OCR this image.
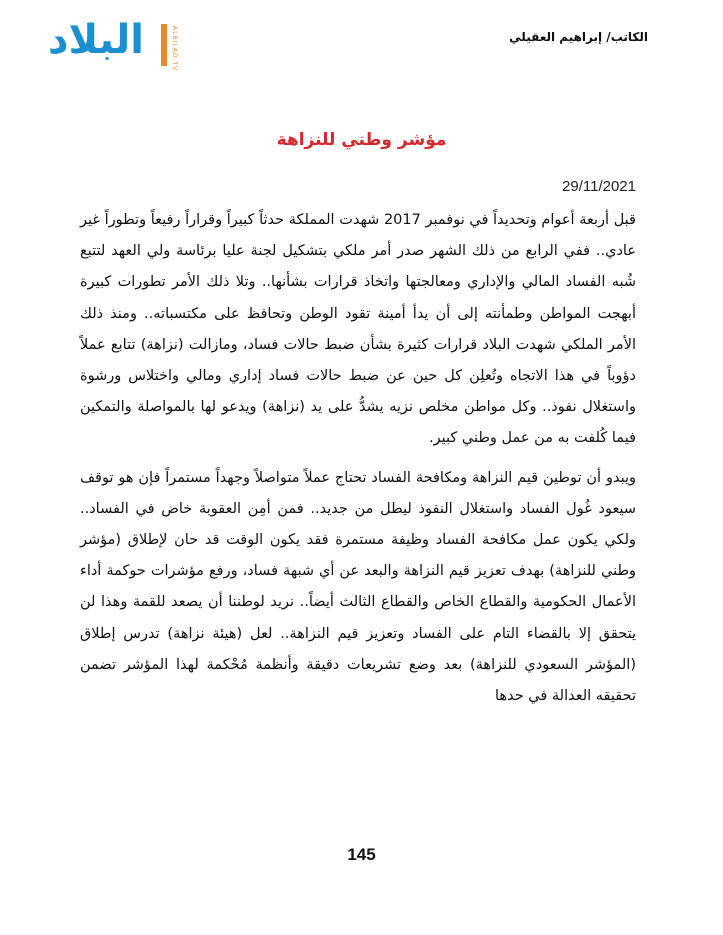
البلاد	ALBILAD.TV	الكاتب/ إبراهيم العقيلي
مؤشر وطني للنزاهة
29/11/2021

قبل أربعة أعوام وتحديداً في نوفمبر 2017 شهدت المملكة حدثاً كبيراً وقراراً رفيعاً وتطوراً غير عادي.. ففي الرابع من ذلك الشهر صدر أمر ملكي بتشكيل لجنة عليا برئاسة ولي العهد لتتبع شُبه الفساد المالي والإداري ومعالجتها واتخاذ قرارات بشأنها.. وتلا ذلك الأمر تطورات كبيرة أبهجت المواطن وطمأنته إلى أن يدأ أمينة تقود الوطن وتحافظ على مكتسباته.. ومنذ ذلك الأمر الملكي شهدت البلاد قرارات كثيرة بشأن ضبط حالات فساد، ومازالت (نزاهة) تتابع عملاً دؤوباً في هذا الاتجاه وتُعلِن كل حين عن ضبط حالات فساد إداري ومالي واختلاس ورشوة واستغلال نفوذ.. وكل مواطن مخلص نزيه يشدُّ على يد (نزاهة) ويدعو لها بالمواصلة والتمكين فيما كُلفت به من عمل وطني كبير.

ويبدو أن توطين قيم النزاهة ومكافحة الفساد تحتاج عملاً متواصلاً وجهداً مستمراً فإن هو توقف سيعود غُول الفساد واستغلال النفوذ ليطل من جديد.. فمن أمِن العقوبة خاض في الفساد.. ولكي يكون عمل مكافحة الفساد وظيفة مستمرة فقد يكون الوقت قد حان لإطلاق (مؤشر وطني للنزاهة) بهدف تعزيز قيم النزاهة والبعد عن أي شبهة فساد، ورفع مؤشرات حوكمة أداء الأعمال الحكومية والقطاع الخاص والقطاع الثالث أيضاً.. نريد لوطننا أن يصعد للقمة وهذا لن يتحقق إلا بالقضاء التام على الفساد وتعزيز قيم النزاهة.. لعل (هيئة نزاهة) تدرس إطلاق (المؤشر السعودي للنزاهة) بعد وضع تشريعات دقيقة وأنظمة مُحْكمة لهذا المؤشر تضمن تحقيقه العدالة في حدها

145
